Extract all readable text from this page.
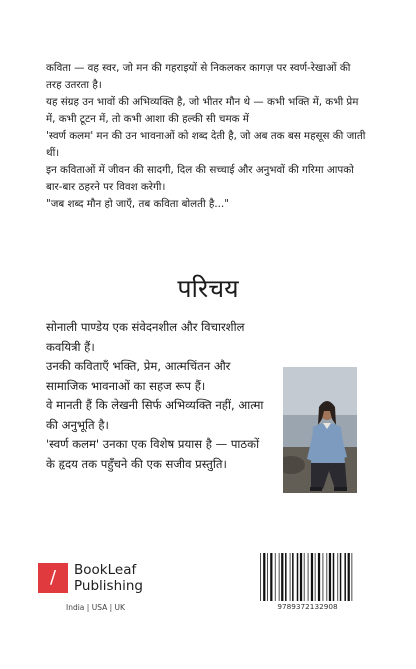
कविता — वह स्वर, जो मन की गहराइयों से निकलकर कागज़ पर स्वर्ण-रेखाओं की तरह उतरता है।

यह संग्रह उन भावों की अभिव्यक्ति है, जो भीतर मौन थे — कभी भक्ति में, कभी प्रेम में, कभी टूटन में, तो कभी आशा की हल्की सी चमक में

'स्वर्ण कलम' मन की उन भावनाओं को शब्द देती है, जो अब तक बस महसूस की जाती थीं।

इन कविताओं में जीवन की सादगी, दिल की सच्चाई और अनुभवों की गरिमा आपको बार-बार ठहरने पर विवश करेगी।

"जब शब्द मौन हो जाएँ, तब कविता बोलती है..."

परिचय

सोनाली पाण्डेय एक संवेदनशील और विचारशील कवयित्री हैं।

उनकी कविताएँ भक्ति, प्रेम, आत्मचिंतन और सामाजिक भावनाओं का सहज रूप हैं।

वे मानती हैं कि लेखनी सिर्फ अभिव्यक्ति नहीं, आत्मा की अनुभूति है।

'स्वर्ण कलम' उनका एक विशेष प्रयास है — पाठकों के हृदय तक पहुँचने की एक सजीव प्रस्तुति।

/	BookLeaf
Publishing
India | USA | UK	9789372132908
